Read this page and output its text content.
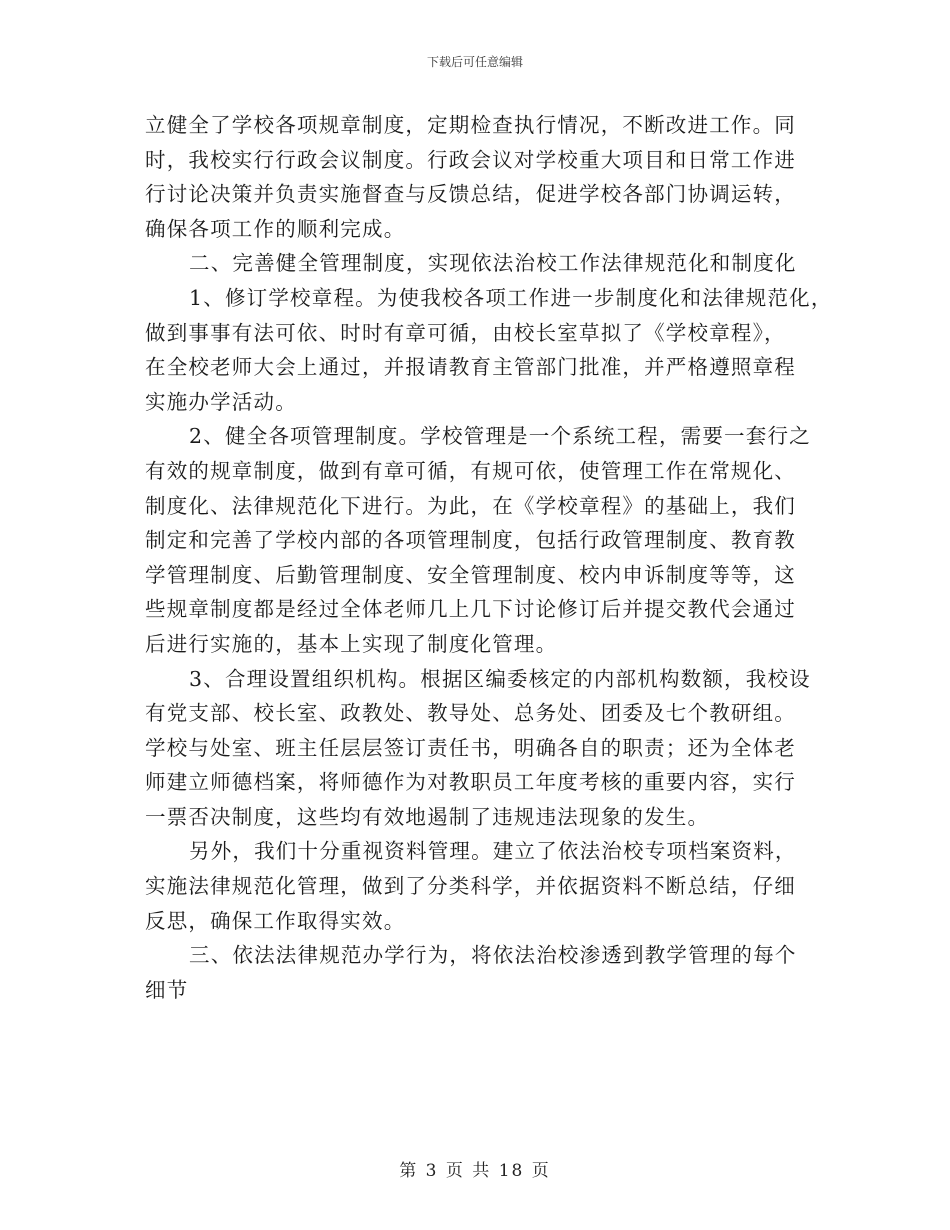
下载后可任意编辑
立健全了学校各项规章制度，定期检查执行情况，不断改进工作。同
时，我校实行行政会议制度。行政会议对学校重大项目和日常工作进
行讨论决策并负责实施督查与反馈总结，促进学校各部门协调运转，
确保各项工作的顺利完成。
二、完善健全管理制度，实现依法治校工作法律规范化和制度化
1、修订学校章程。为使我校各项工作进一步制度化和法律规范化，
做到事事有法可依、时时有章可循，由校长室草拟了《学校章程》，
在全校老师大会上通过，并报请教育主管部门批准，并严格遵照章程
实施办学活动。
2、健全各项管理制度。学校管理是一个系统工程，需要一套行之
有效的规章制度，做到有章可循，有规可依，使管理工作在常规化、
制度化、法律规范化下进行。为此，在《学校章程》的基础上，我们
制定和完善了学校内部的各项管理制度，包括行政管理制度、教育教
学管理制度、后勤管理制度、安全管理制度、校内申诉制度等等，这
些规章制度都是经过全体老师几上几下讨论修订后并提交教代会通过
后进行实施的，基本上实现了制度化管理。
3、合理设置组织机构。根据区编委核定的内部机构数额，我校设
有党支部、校长室、政教处、教导处、总务处、团委及七个教研组。
学校与处室、班主任层层签订责任书，明确各自的职责；还为全体老
师建立师德档案，将师德作为对教职员工年度考核的重要内容，实行
一票否决制度，这些均有效地遏制了违规违法现象的发生。
另外，我们十分重视资料管理。建立了依法治校专项档案资料，
实施法律规范化管理，做到了分类科学，并依据资料不断总结，仔细
反思，确保工作取得实效。
三、依法法律规范办学行为，将依法治校渗透到教学管理的每个
细节
第 3 页 共 18 页
